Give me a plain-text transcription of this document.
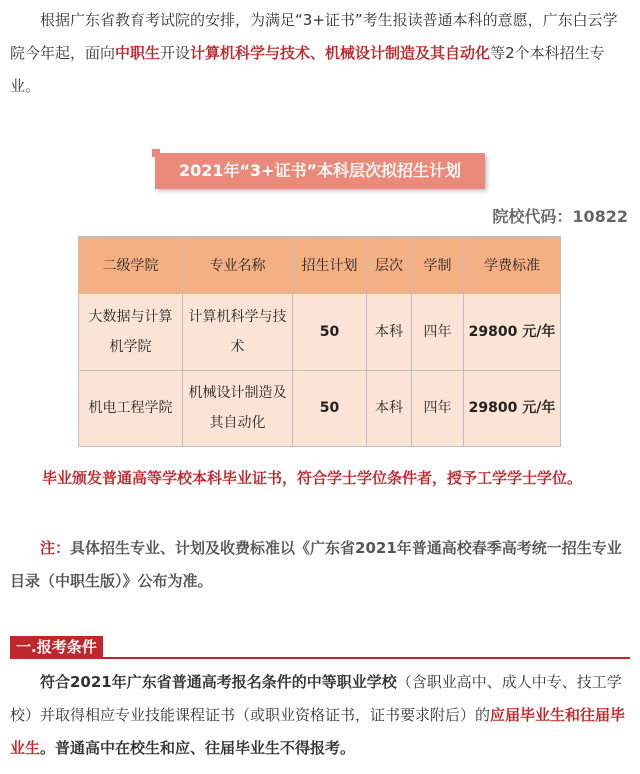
根据广东省教育考试院的安排，为满足“3+证书”考生报读普通本科的意愿，广东白云学院今年起，面向中职生开设计算机科学与技术、机械设计制造及其自动化等2个本科招生专业。

2021年“3+证书”本科层次拟招生计划
院校代码：10822
二级学院	专业名称	招生计划	层次	学制	学费标准
大数据与计算机学院	计算机科学与技术	50	本科	四年	29800 元/年
机电工程学院	机械设计制造及其自动化	50	本科	四年	29800 元/年
毕业颁发普通高等学校本科毕业证书，符合学士学位条件者，授予工学学士学位。

注：具体招生专业、计划及收费标准以《广东省2021年普通高校春季高考统一招生专业目录（中职生版）》公布为准。

一.报考条件

符合2021年广东省普通高考报名条件的中等职业学校（含职业高中、成人中专、技工学校）并取得相应专业技能课程证书（或职业资格证书，证书要求附后）的应届毕业生和往届毕业生。普通高中在校生和应、往届毕业生不得报考。
